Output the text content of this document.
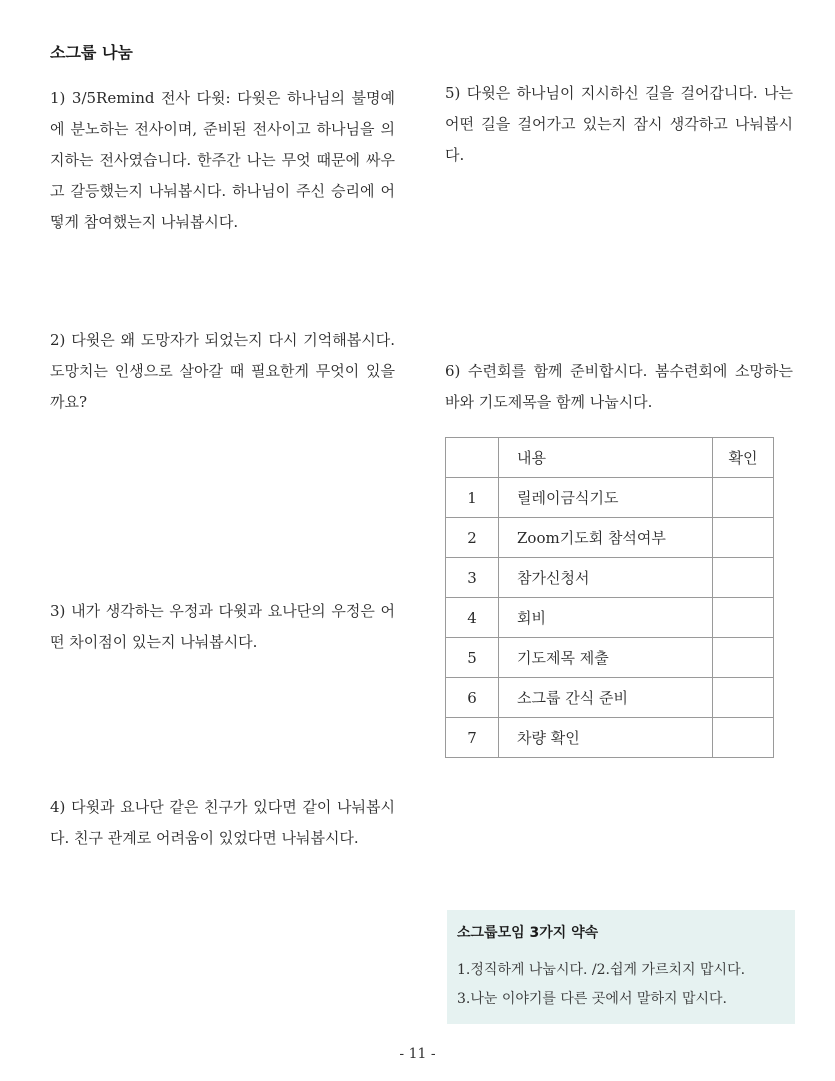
소그룹 나눔

1) 3/5Remind 전사 다윗: 다윗은 하나님의 불명예에 분노하는 전사이며, 준비된 전사이고 하나님을 의지하는 전사였습니다. 한주간 나는 무엇 때문에 싸우고 갈등했는지 나눠봅시다. 하나님이 주신 승리에 어떻게 참여했는지 나눠봅시다.

2) 다윗은 왜 도망자가 되었는지 다시 기억해봅시다. 도망치는 인생으로 살아갈 때 필요한게 무엇이 있을까요?

3) 내가 생각하는 우정과 다윗과 요나단의 우정은 어떤 차이점이 있는지 나눠봅시다.

4) 다윗과 요나단 같은 친구가 있다면 같이 나눠봅시다. 친구 관계로 어려움이 있었다면 나눠봅시다.

5) 다윗은 하나님이 지시하신 길을 걸어갑니다. 나는 어떤 길을 걸어가고 있는지 잠시 생각하고 나눠봅시다.

6) 수련회를 함께 준비합시다. 봄수련회에 소망하는 바와 기도제목을 함께 나눕시다.

	내용	확인
1	릴레이금식기도	
2	Zoom기도회 참석여부	
3	참가신청서	
4	회비	
5	기도제목 제출	
6	소그룹 간식 준비	
7	차량 확인	
소그룹모임 3가지 약속
1.정직하게 나눕시다. /2.쉽게 가르치지 맙시다.
3.나눈 이야기를 다른 곳에서 말하지 맙시다.
- 11 -
